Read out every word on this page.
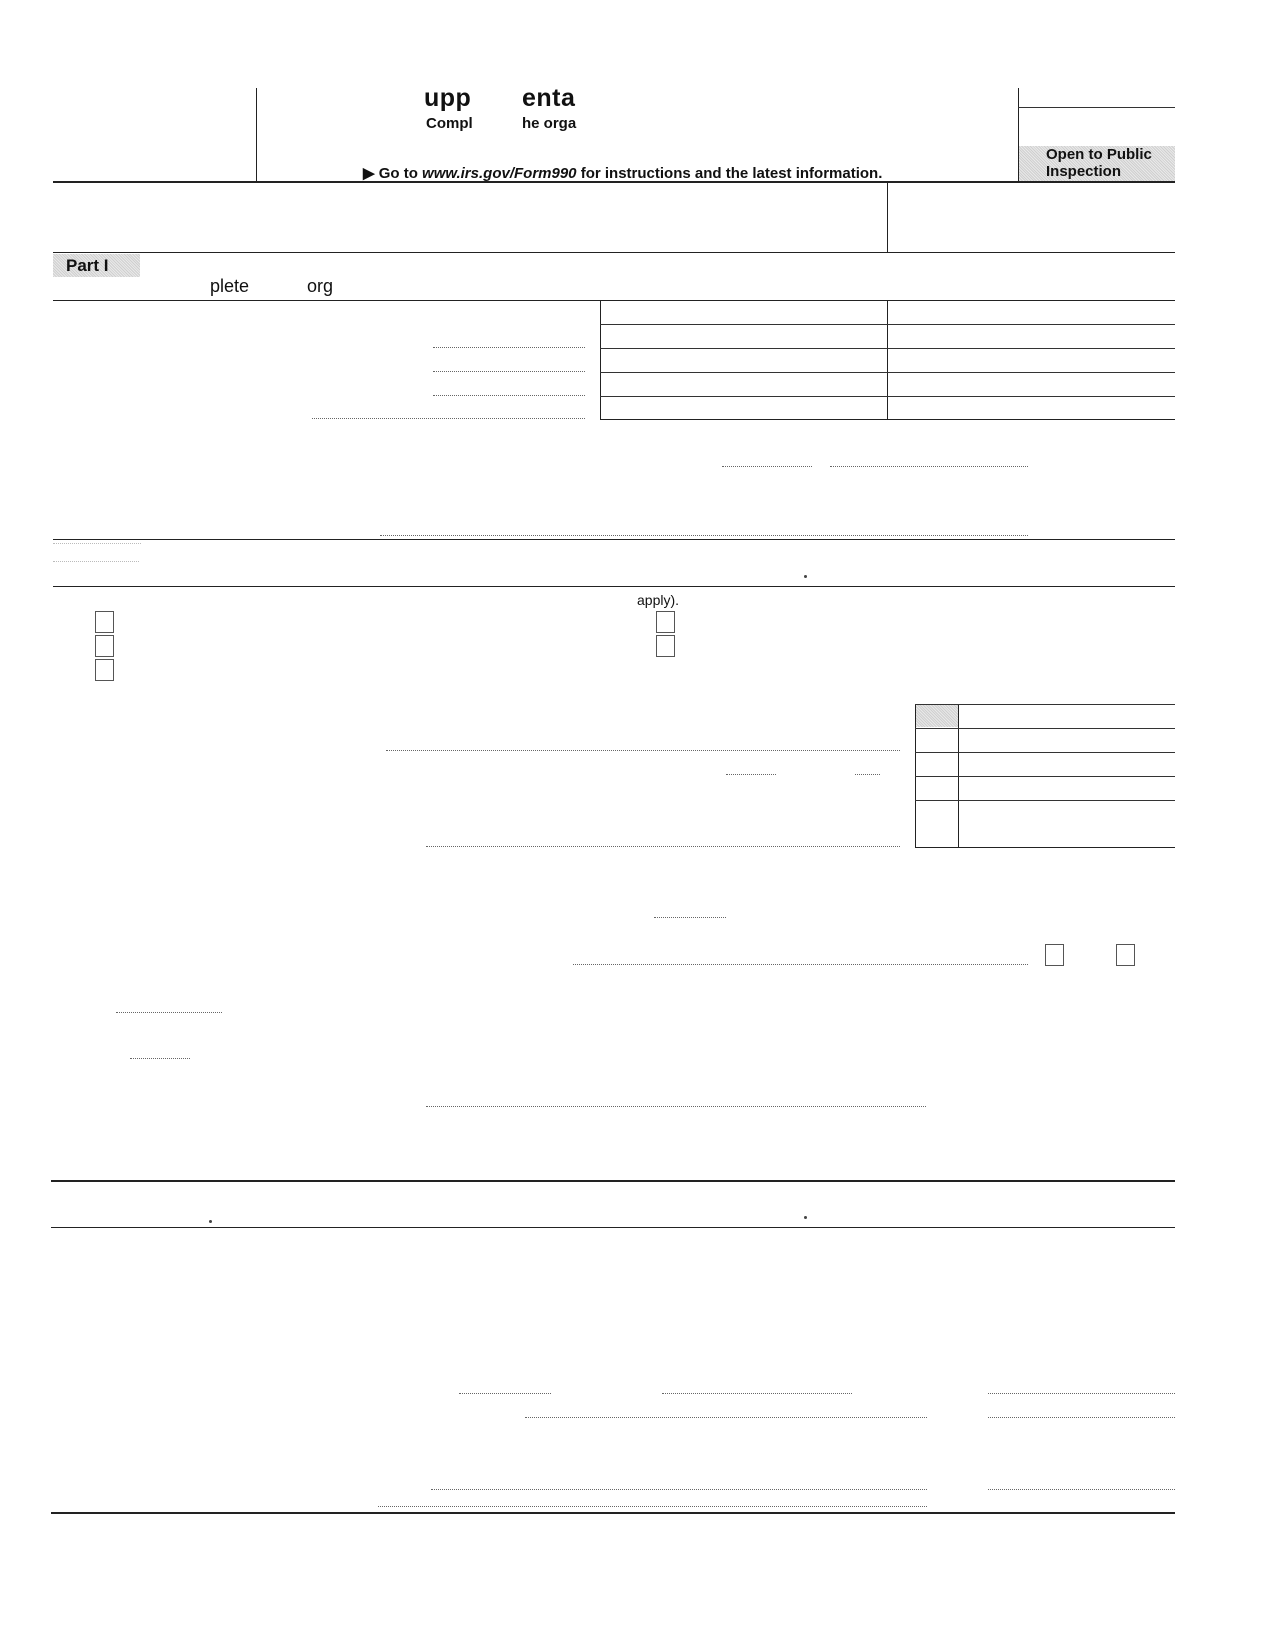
upp enta
Compl	he orga
▶ Go to www.irs.gov/Form990 for instructions and the latest information.
Open to Public
Inspection
Part I
plete	org
apply).
